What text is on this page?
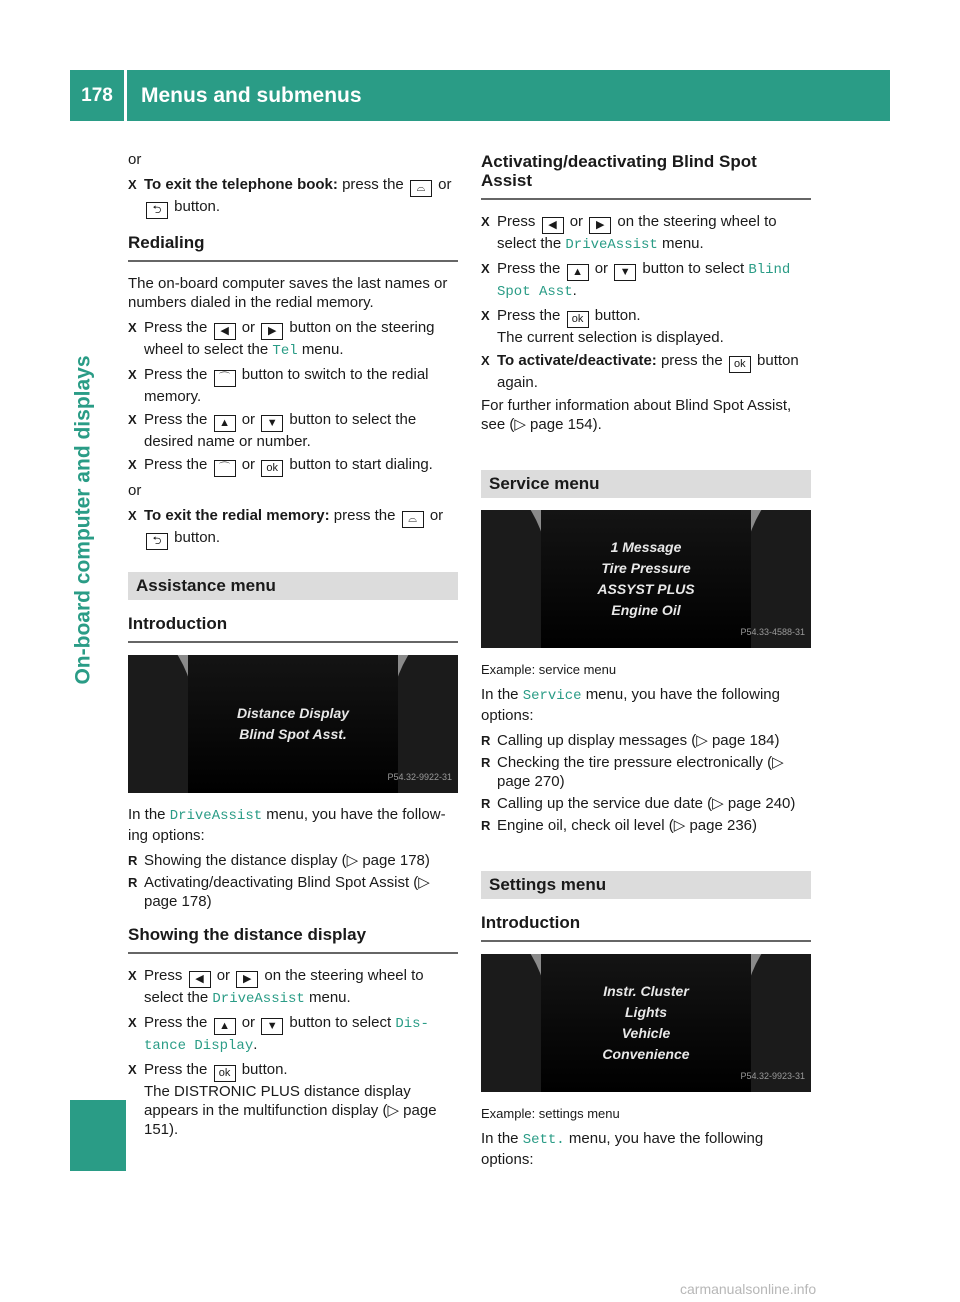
178	Menus and submenus
On-board computer and displays

or

X To exit the telephone book: press the ⌓ or ⮌ button.
Redialing

The on-board computer saves the last names or numbers dialed in the redial memory.

X Press the ◀ or ▶ button on the steering wheel to select the Tel menu.
X Press the ⌒ button to switch to the redial memory.
X Press the ▲ or ▼ button to select the desired name or number.
X Press the ⌒ or ok button to start dialing.

or

X To exit the redial memory: press the ⌓ or ⮌ button.
Assistance menu
Introduction
Distance Display
Blind Spot Asst.
P54.32-9922-31

In the DriveAssist menu, you have the following options:

R Showing the distance display (▷ page 178)
R Activating/deactivating Blind Spot Assist (▷ page 178)
Showing the distance display
X Press ◀ or ▶ on the steering wheel to select the DriveAssist menu.
X Press the ▲ or ▼ button to select Distance Display.
X Press the ok button.
The DISTRONIC PLUS distance display appears in the multifunction display (▷ page 151).
Activating/deactivating Blind Spot Assist
X Press ◀ or ▶ on the steering wheel to select the DriveAssist menu.
X Press the ▲ or ▼ button to select Blind Spot Asst.
X Press the ok button.
The current selection is displayed.
X To activate/deactivate: press the ok button again.

For further information about Blind Spot Assist, see (▷ page 154).

Service menu
1 Message
Tire Pressure
ASSYST PLUS
Engine Oil
P54.33-4588-31

Example: service menu

In the Service menu, you have the following options:

R Calling up display messages (▷ page 184)
R Checking the tire pressure electronically (▷ page 270)
R Calling up the service due date (▷ page 240)
R Engine oil, check oil level (▷ page 236)
Settings menu
Introduction
Instr. Cluster
Lights
Vehicle
Convenience
P54.32-9923-31

Example: settings menu

In the Sett. menu, you have the following options:

carmanualsonline.info
